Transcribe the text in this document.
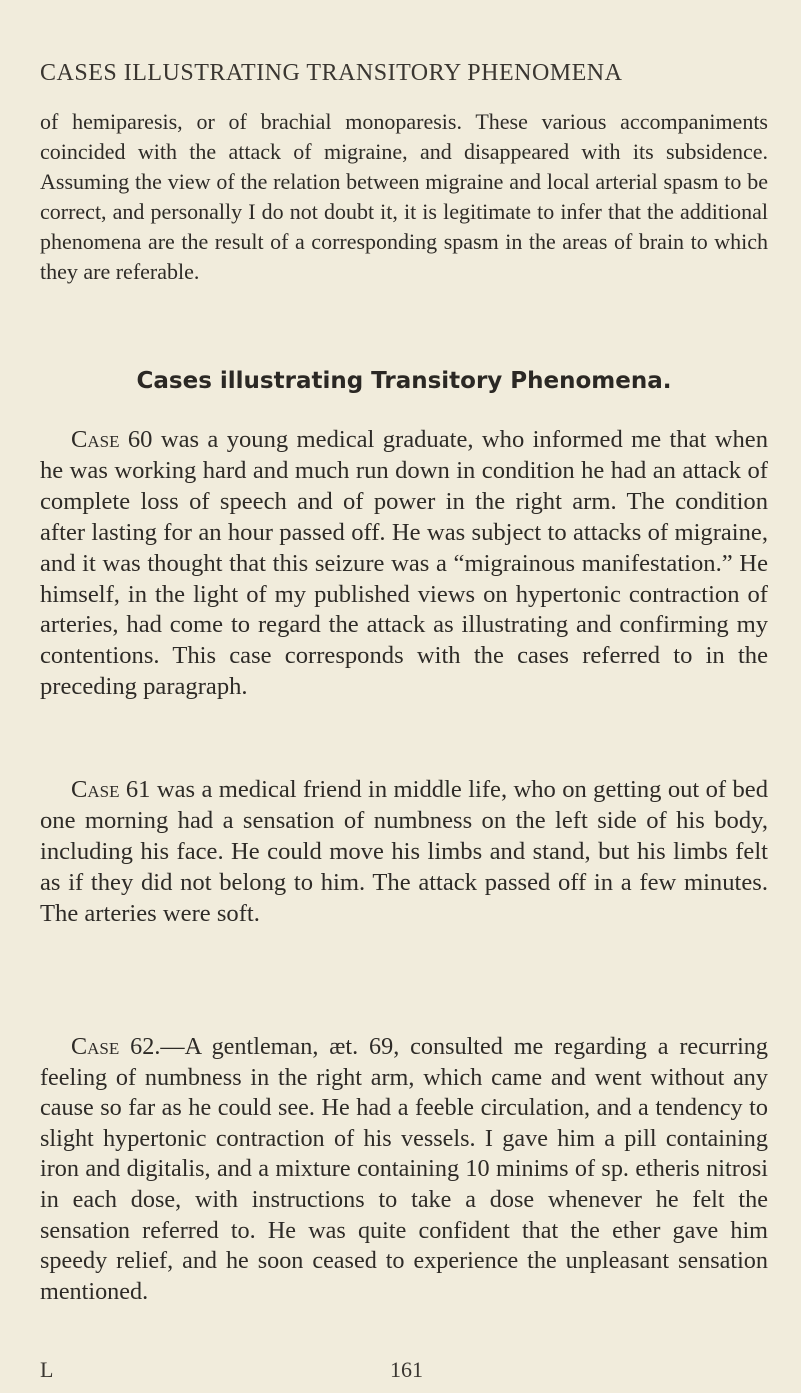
CASES ILLUSTRATING TRANSITORY PHENOMENA

of hemiparesis, or of brachial monoparesis. These various accompaniments coincided with the attack of migraine, and disappeared with its subsidence. Assuming the view of the relation between migraine and local arterial spasm to be correct, and personally I do not doubt it, it is legitimate to infer that the additional phenomena are the result of a corresponding spasm in the areas of brain to which they are referable.

Cases illustrating Transitory Phenomena.

Case 60 was a young medical graduate, who informed me that when he was working hard and much run down in condition he had an attack of complete loss of speech and of power in the right arm. The condition after lasting for an hour passed off. He was subject to attacks of migraine, and it was thought that this seizure was a “migrainous manifestation.” He himself, in the light of my published views on hypertonic contraction of arteries, had come to regard the attack as illustrating and confirming my contentions. This case corresponds with the cases referred to in the preceding paragraph.

Case 61 was a medical friend in middle life, who on getting out of bed one morning had a sensation of numbness on the left side of his body, including his face. He could move his limbs and stand, but his limbs felt as if they did not belong to him. The attack passed off in a few minutes. The arteries were soft.

Case 62.—A gentleman, æt. 69, consulted me regarding a recurring feeling of numbness in the right arm, which came and went without any cause so far as he could see. He had a feeble circulation, and a tendency to slight hypertonic contraction of his vessels. I gave him a pill containing iron and digitalis, and a mixture containing 10 minims of sp. etheris nitrosi in each dose, with instructions to take a dose whenever he felt the sensation referred to. He was quite confident that the ether gave him speedy relief, and he soon ceased to experience the unpleasant sensation mentioned.

L	161
